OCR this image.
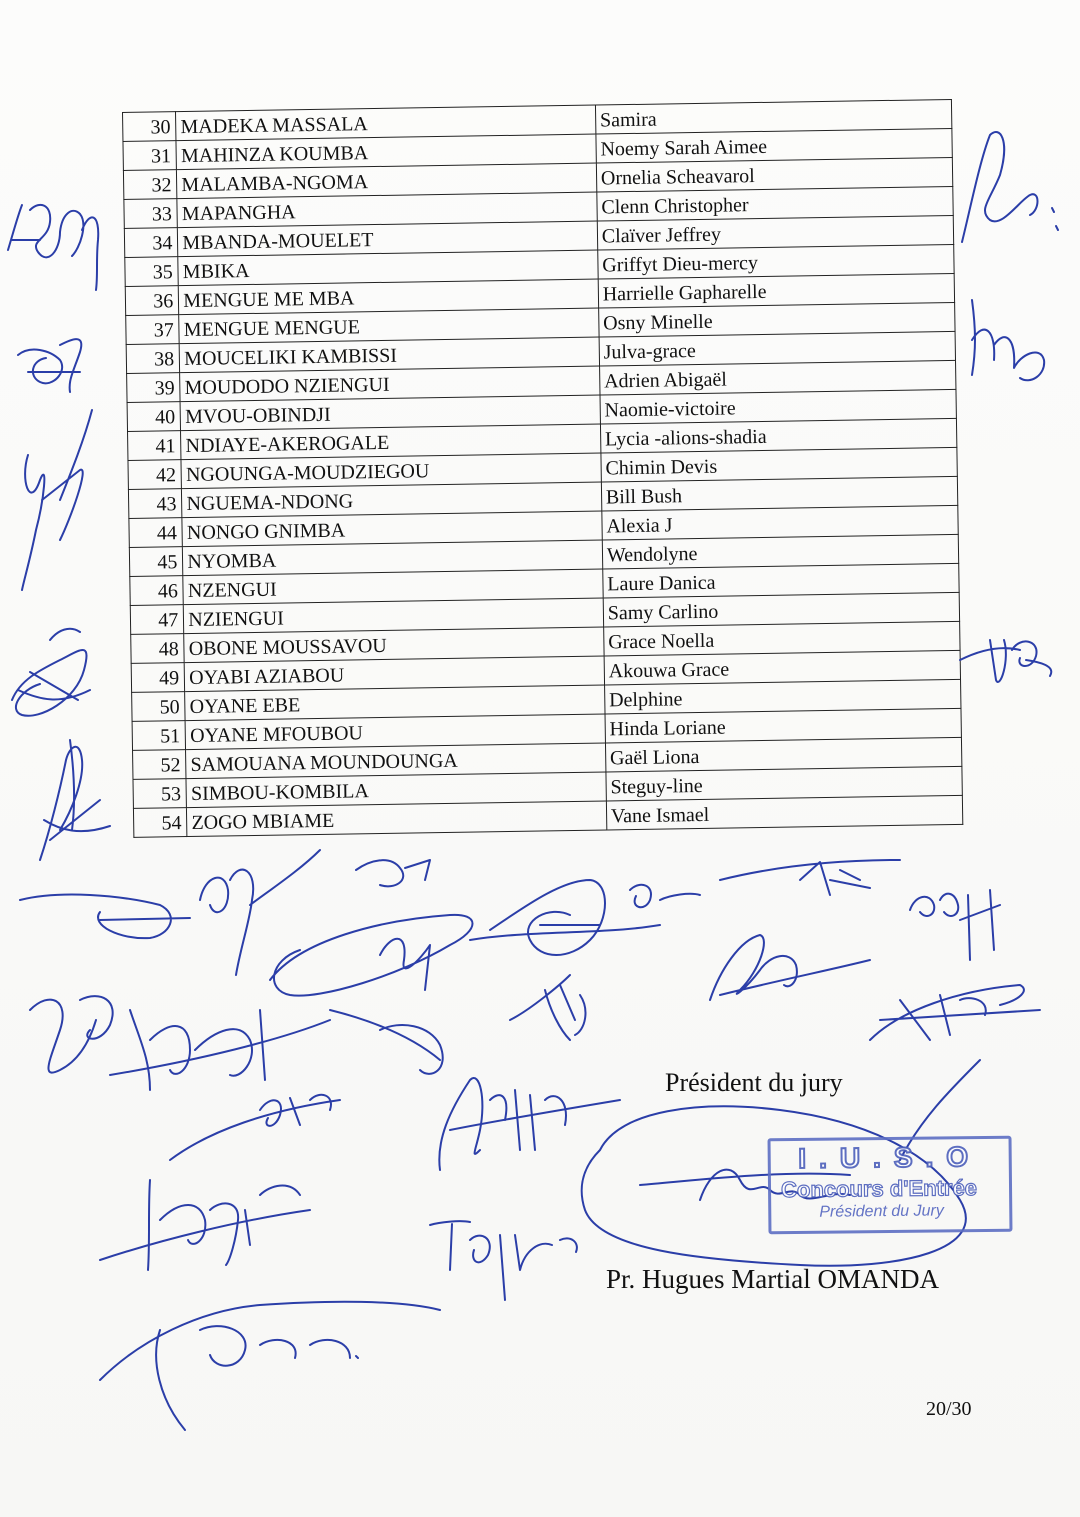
30	MADEKA MASSALA	Samira
31	MAHINZA KOUMBA	Noemy Sarah Aimee
32	MALAMBA-NGOMA	Ornelia Scheavarol
33	MAPANGHA	Clenn Christopher
34	MBANDA-MOUELET	Claïver Jeffrey
35	MBIKA	Griffyt Dieu-mercy
36	MENGUE ME MBA	Harrielle Gapharelle
37	MENGUE MENGUE	Osny Minelle
38	MOUCELIKI KAMBISSI	Julva-grace
39	MOUDODO NZIENGUI	Adrien Abigaël
40	MVOU-OBINDJI	Naomie-victoire
41	NDIAYE-AKEROGALE	Lycia -alions-shadia
42	NGOUNGA-MOUDZIEGOU	Chimin Devis
43	NGUEMA-NDONG	Bill Bush
44	NONGO GNIMBA	Alexia J
45	NYOMBA	Wendolyne
46	NZENGUI	Laure Danica
47	NZIENGUI	Samy Carlino
48	OBONE MOUSSAVOU	Grace Noella
49	OYABI AZIABOU	Akouwa Grace
50	OYANE EBE	Delphine
51	OYANE MFOUBOU	Hinda Loriane
52	SAMOUANA MOUNDOUNGA	Gaël Liona
53	SIMBOU-KOMBILA	Steguy-line
54	ZOGO MBIAME	Vane Ismael
I.U.S.O
Concours d'Entrée
Président du Jury
Président du jury
Pr. Hugues Martial OMANDA
20/30
